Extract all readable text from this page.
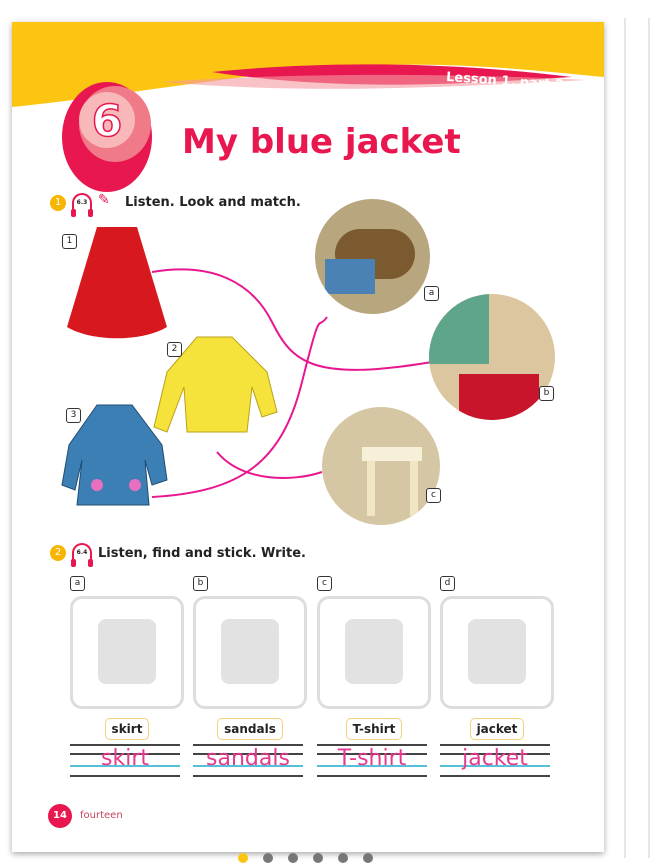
Lesson 1, part 2
6 My blue jacket
1	6.3 ✎ Listen. Look and match.
1
2
3
a
b
c
2	6.4 Listen, find and stick. Write.
a
skirt
skirt
b
sandals
sandals
c
T-shirt
T-shirt
d
jacket
jacket
14	fourteen
